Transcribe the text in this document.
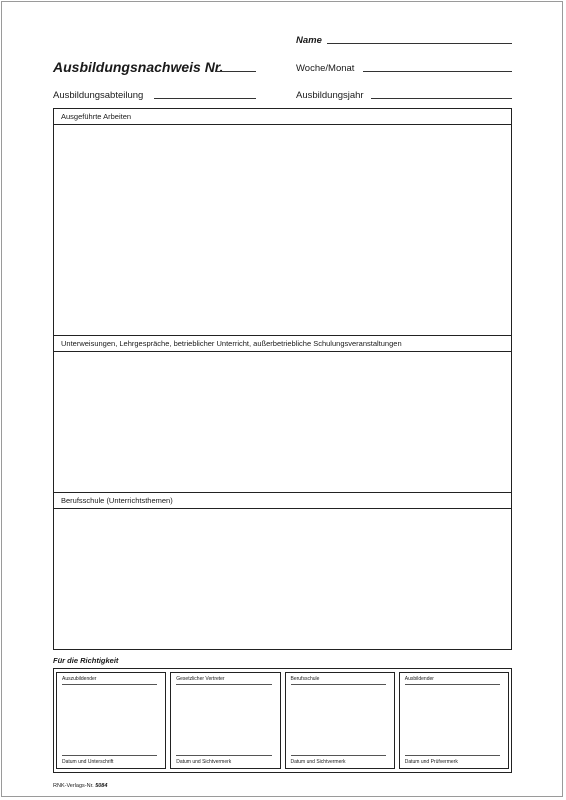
Name
Ausbildungsnachweis Nr.	Woche/Monat
Ausbildungsabteilung	Ausbildungsjahr
Ausgeführte Arbeiten
Unterweisungen, Lehrgespräche, betrieblicher Unterricht, außerbetriebliche Schulungsveranstaltungen
Berufsschule (Unterrichtsthemen)
Für die Richtigkeit
Auszubildender
Datum und Unterschrift
Gesetzlicher Vertreter
Datum und Sichtvermerk
Berufsschule
Datum und Sichtvermerk
Ausbildender
Datum und Prüfvermerk
RNK-Verlags-Nr. 5084
